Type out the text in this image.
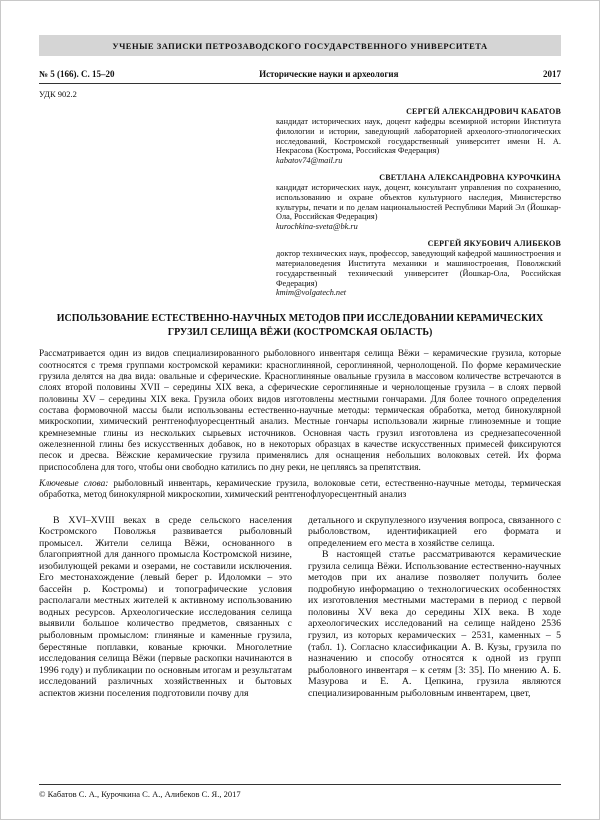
УЧЕНЫЕ ЗАПИСКИ ПЕТРОЗАВОДСКОГО ГОСУДАРСТВЕННОГО УНИВЕРСИТЕТА
№ 5 (166). С. 15–20	Исторические науки и археология	2017
УДК 902.2
СЕРГЕЙ АЛЕКСАНДРОВИЧ КАБАТОВ
кандидат исторических наук, доцент кафедры всемирной истории Института филологии и истории, заведующий лабораторией археолого-этнологических исследований, Костромской государственный университет имени Н. А. Некрасова (Кострома, Российская Федерация)
kabatov74@mail.ru
СВЕТЛАНА АЛЕКСАНДРОВНА КУРОЧКИНА
кандидат исторических наук, доцент, консультант управления по сохранению, использованию и охране объектов культурного наследия, Министерство культуры, печати и по делам национальностей Республики Марий Эл (Йошкар-Ола, Российская Федерация)
kurochkina-sveta@bk.ru
СЕРГЕЙ ЯКУБОВИЧ АЛИБЕКОВ
доктор технических наук, профессор, заведующий кафедрой машиностроения и материаловедения Института механики и машиностроения, Поволжский государственный технический университет (Йошкар-Ола, Российская Федерация)
kmim@volgatech.net
ИСПОЛЬЗОВАНИЕ ЕСТЕСТВЕННО-НАУЧНЫХ МЕТОДОВ ПРИ ИССЛЕДОВАНИИ КЕРАМИЧЕСКИХ ГРУЗИЛ СЕЛИЩА ВЁЖИ (КОСТРОМСКАЯ ОБЛАСТЬ)

Рассматривается один из видов специализированного рыболовного инвентаря селища Вёжи – керамические грузила, которые соотносятся с тремя группами костромской керамики: красноглиняной, сероглиняной, чернолощеной. По форме керамические грузила делятся на два вида: овальные и сферические. Красноглиняные овальные грузила в массовом количестве встречаются в слоях второй половины XVII – середины XIX века, а сферические сероглиняные и чернолощеные грузила – в слоях первой половины XV – середины XIX века. Грузила обоих видов изготовлены местными гончарами. Для более точного определения состава формовочной массы были использованы естественно-научные методы: термическая обработка, метод бинокулярной микроскопии, химический рентгенофлуоресцентный анализ. Местные гончары использовали жирные глиноземные и тощие кремнеземные глины из нескольких сырьевых источников. Основная часть грузил изготовлена из среднезапесоченной ожелезненной глины без искусственных добавок, но в некоторых образцах в качестве искусственных примесей фиксируются песок и дресва. Вёжские керамические грузила применялись для оснащения небольших волоковых сетей. Их форма приспособлена для того, чтобы они свободно катились по дну реки, не цепляясь за препятствия.

Ключевые слова: рыболовный инвентарь, керамические грузила, волоковые сети, естественно-научные методы, термическая обработка, метод бинокулярной микроскопии, химический рентгенофлуоресцентный анализ

В XVI–XVIII веках в среде сельского населения Костромского Поволжья развивается рыболовный промысел. Жители селища Вёжи, основанного в благоприятной для данного промысла Костромской низине, изобилующей реками и озерами, не составили исключения. Его местонахождение (левый берег р. Идоломки – это бассейн р. Костромы) и топографические условия располагали местных жителей к активному использованию водных ресурсов. Археологические исследования селища выявили большое количество предметов, связанных с рыболовным промыслом: глиняные и каменные грузила, берестяные поплавки, кованые крючки. Многолетние исследования селища Вёжи (первые раскопки начинаются в 1996 году) и публикации по основным итогам и результатам исследований различных хозяйственных и бытовых аспектов жизни поселения подготовили почву для

детального и скрупулезного изучения вопроса, связанного с рыболовством, идентификацией его формата и определением его места в хозяйстве селища.

В настоящей статье рассматриваются керамические грузила селища Вёжи. Использование естественно-научных методов при их анализе позволяет получить более подробную информацию о технологических особенностях их изготовления местными мастерами в период с первой половины XV века до середины XIX века. В ходе археологических исследований на селище найдено 2536 грузил, из которых керамических – 2531, каменных – 5 (табл. 1). Согласно классификации А. В. Кузы, грузила по назначению и способу относятся к одной из групп рыболовного инвентаря – к сетям [3: 35]. По мнению А. Б. Мазурова и Е. А. Цепкина, грузила являются специализированным рыболовным инвентарем, цвет,

© Кабатов С. А., Курочкина С. А., Алибеков С. Я., 2017
